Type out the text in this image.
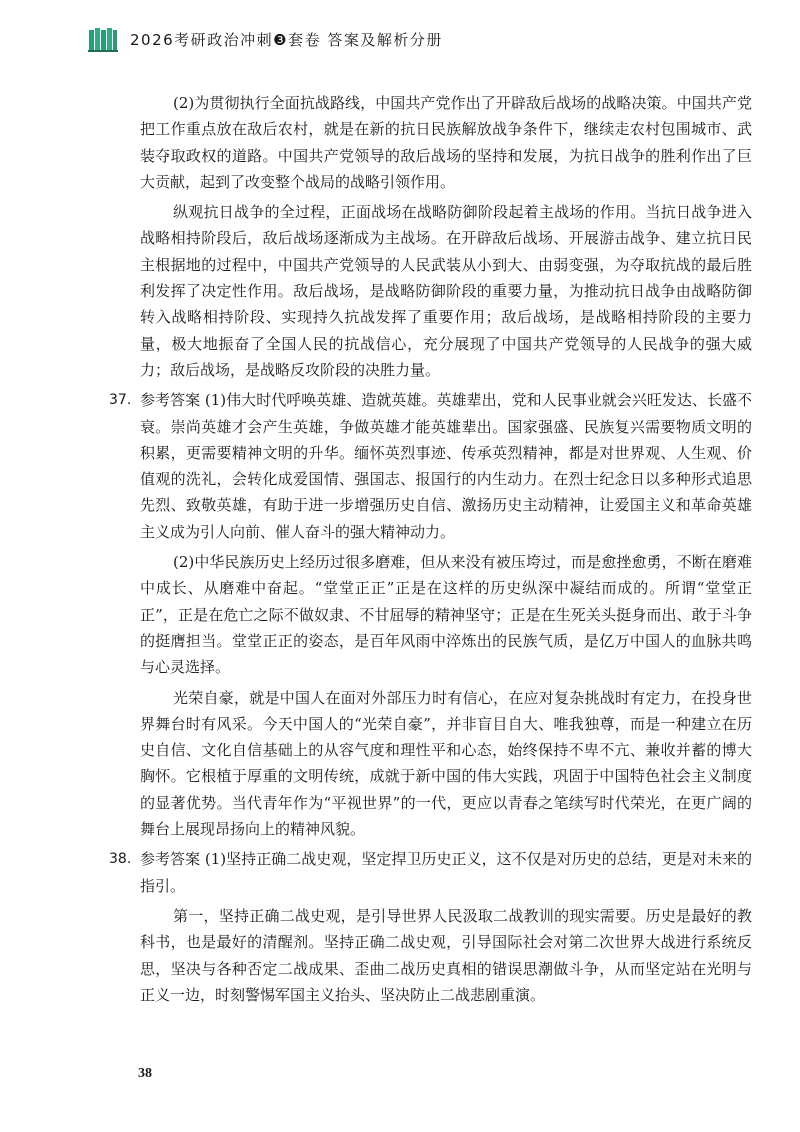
2026考研政治冲刺❸套卷 答案及解析分册

(2)为贯彻执行全面抗战路线，中国共产党作出了开辟敌后战场的战略决策。中国共产党把工作重点放在敌后农村，就是在新的抗日民族解放战争条件下，继续走农村包围城市、武装夺取政权的道路。中国共产党领导的敌后战场的坚持和发展，为抗日战争的胜利作出了巨大贡献，起到了改变整个战局的战略引领作用。

纵观抗日战争的全过程，正面战场在战略防御阶段起着主战场的作用。当抗日战争进入战略相持阶段后，敌后战场逐渐成为主战场。在开辟敌后战场、开展游击战争、建立抗日民主根据地的过程中，中国共产党领导的人民武装从小到大、由弱变强，为夺取抗战的最后胜利发挥了决定性作用。敌后战场，是战略防御阶段的重要力量，为推动抗日战争由战略防御转入战略相持阶段、实现持久抗战发挥了重要作用；敌后战场，是战略相持阶段的主要力量，极大地振奋了全国人民的抗战信心，充分展现了中国共产党领导的人民战争的强大威力；敌后战场，是战略反攻阶段的决胜力量。

37. 参考答案 (1)伟大时代呼唤英雄、造就英雄。英雄辈出，党和人民事业就会兴旺发达、长盛不衰。崇尚英雄才会产生英雄，争做英雄才能英雄辈出。国家强盛、民族复兴需要物质文明的积累，更需要精神文明的升华。缅怀英烈事迹、传承英烈精神，都是对世界观、人生观、价值观的洗礼，会转化成爱国情、强国志、报国行的内生动力。在烈士纪念日以多种形式追思先烈、致敬英雄，有助于进一步增强历史自信、激扬历史主动精神，让爱国主义和革命英雄主义成为引人向前、催人奋斗的强大精神动力。

(2)中华民族历史上经历过很多磨难，但从来没有被压垮过，而是愈挫愈勇，不断在磨难中成长、从磨难中奋起。“堂堂正正”正是在这样的历史纵深中凝结而成的。所谓“堂堂正正”，正是在危亡之际不做奴隶、不甘屈辱的精神坚守；正是在生死关头挺身而出、敢于斗争的挺膺担当。堂堂正正的姿态，是百年风雨中淬炼出的民族气质，是亿万中国人的血脉共鸣与心灵选择。

光荣自豪，就是中国人在面对外部压力时有信心，在应对复杂挑战时有定力，在投身世界舞台时有风采。今天中国人的“光荣自豪”，并非盲目自大、唯我独尊，而是一种建立在历史自信、文化自信基础上的从容气度和理性平和心态，始终保持不卑不亢、兼收并蓄的博大胸怀。它根植于厚重的文明传统，成就于新中国的伟大实践，巩固于中国特色社会主义制度的显著优势。当代青年作为“平视世界”的一代，更应以青春之笔续写时代荣光，在更广阔的舞台上展现昂扬向上的精神风貌。

38. 参考答案 (1)坚持正确二战史观，坚定捍卫历史正义，这不仅是对历史的总结，更是对未来的指引。

第一，坚持正确二战史观，是引导世界人民汲取二战教训的现实需要。历史是最好的教科书，也是最好的清醒剂。坚持正确二战史观，引导国际社会对第二次世界大战进行系统反思，坚决与各种否定二战成果、歪曲二战历史真相的错误思潮做斗争，从而坚定站在光明与正义一边，时刻警惕军国主义抬头、坚决防止二战悲剧重演。

38
